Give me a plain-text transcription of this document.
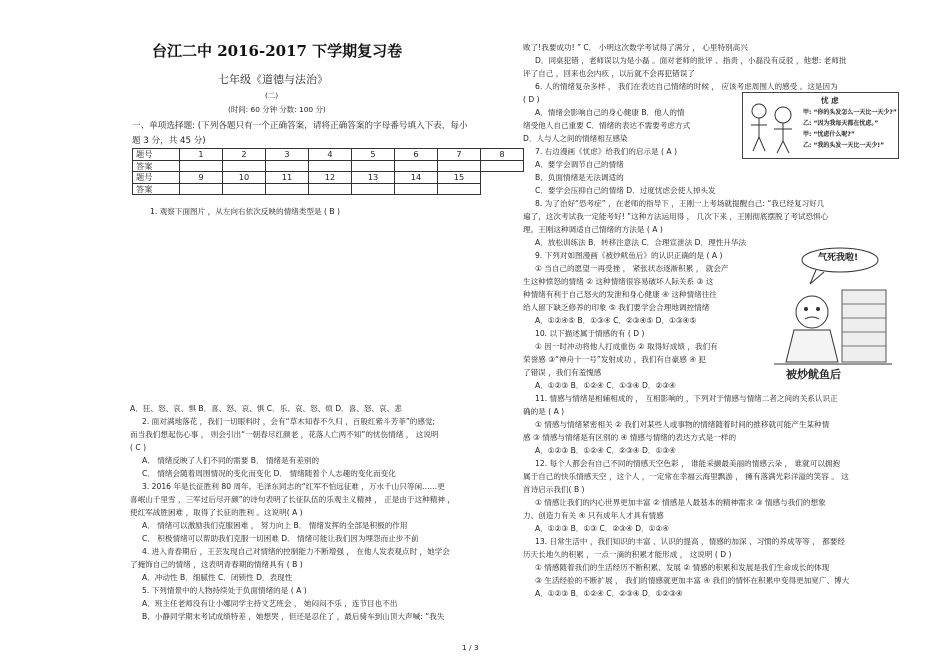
台江二中 2016-2017 下学期复习卷
七年级《道德与法治》
(二)
(时间: 60 分钟 分数: 100 分)
一、单项选择题: (下列各题只有一个正确答案，请将正确答案的字母番号填入下表，每小
题 3 分，共 45 分)
题号	1	2	3	4	5	6	7	8
答案								
题号	9	10	11	12	13	14	15	
答案								
1. 观察下面图片 ，从左向右依次反映的情绪类型是 ( B )
A．狂、怒、哀、惧 B．喜、怒、哀、惧 C．乐、哀、怒、烦 D．喜、怒、哀、悲
2. 面对满地落花 ，我们一切眼料时 ，会有“草木知春不久归 ，百般红紫斗芳菲”的感觉;
而当我们想起伤心事 ， 则会引出“一朝春尽红颜老 ，花落人亡两不知”的忧伤情绪 ， 这说明
( C )
A． 情绪反映了人们不同的需要 B． 情绪是有差别的
C． 情绪会随着周围情况的变化而变化 D． 情绪随着个人志趣的变化而变化
3. 2016 年是长征胜利 80 周年。毛泽东同志的“红军不怕远征难 ，万水千山只等闲……更
喜岷山千里雪 ，三军过后尽开颜”的诗句表明了长征队伍的乐观主义精神 ， 正是由于这种精神 ，
使红军战胜困难 ，取得了长征的胜利 。这说明( A )
A． 情绪可以激励我们克服困难 ， 努力向上 B． 情绪发挥的全部是积极的作用
C． 积极情绪可以帮助我们克服一切困难 D． 情绪可能让我们因为埋怨而止步不前
4. 进入青春期后 ，王芸发现自己对情绪的控制能力不断增强 ， 在他人发表观点时 ，她学会
了掩饰自己的情绪 ，这表明青春期的情绪具有 ( B )
A．冲动性 B．细腻性 C．闭锁性 D．表现性
5. 下列情景中的人物持续处于负面情绪的是 ( A )
A．班主任老师没有让小娜同学主持文艺班会 ， 她闷闷不乐 ，连节目也不出
B．小静同学期末考试成绩特差 ，她想哭 ，但还是忍住了 ，最后骑车到山顶大声喊: “我失
败了!我要成功! ” C． 小明这次数学考试得了满分 ， 心里特别高兴
D．同桌犯错 ，老师误以为是小磊 。面对老师的批评 、指责 ，小磊没有反驳 ，他想: 老师批
评了自己 ，回来也会内疚 ，以后就不会再犯错误了
6. 人的情绪复杂多样 ， 我们在表达自己情绪的时候 ， 应该考虑周围人的感受 。这是因为
( D )
A．情绪会影响自己的身心健康 B．他人的情
绪受他人自己重要 C．情绪的表达不需要考虑方式
D．人与人之间的情绪相互感染
7. 右边漫画《忧虑》给我们的启示是 ( A )
A．要学会调节自己的情绪
B．负面情绪是无法调适的
C．要学会压抑自己的情绪 D．过度忧虑会使人掉头发
8. 为了治好“恐考症” ，在老师的指导下 ，王刚一上考场就提醒自己: “我已经复习好几
遍了，这次考试我一定能考好! ”这种方法运用得 ， 几次下来 ，王刚彻底摆脱了考试恐惧心
理。王刚这种调适自己情绪的方法是 ( A )
A．放松训练法 B．转移注意法 C．合理宣泄法 D．理性升华法
9. 下列对如图漫画《被炒鱿鱼后》的认识正确的是 ( A )
① 当自己的愿望一再受挫 ， 紧张状态逐渐积累 ， 就会产
生这种愤怒的情绪 ② 这种情绪很容易破坏人际关系 ③ 这
种情绪有利于自己怒火的发泄和身心健康 ④ 这种情绪往往
给人留下缺乏修养的印象 ⑤ 我们要学会合理地调控情绪
A．①②④⑤ B．①③④ C．②③④⑤ D．①③④⑤
10. 以下描述属于情感的有 ( D )
① 因一时冲动将他人打成重伤 ② 取得好成绩 ，我们有
荣誉感 ③“神舟十一号”发射成功 ，我们有自豪感 ④ 犯
了错误 ，我们有羞愧感
A．①②③ B．①②④ C．①③④ D．②③④
11. 情感与情绪是相辅相成的 ， 互相影响的 ，下列对于情感与情绪二者之间的关系认识正
确的是 ( A )
① 情感与情绪紧密相关 ② 我们对某些人或事物的情绪随着时间的推移就可能产生某种情
感 ③ 情感与情绪是有区别的 ④ 情感与情绪的表达方式是一样的
A．①②③ B．①②④ C．②③④ D．①③④
12. 每个人都会有自己不同的情感天空色彩 ， 谁能采撷最美丽的情感云朵 ， 谁就可以拥抱
属于自己的快乐情感天空 ，这个人 ，一定常在幸福云海里飘游 ， 擁有落满光彩洋溢的笑容 。 这
首诗启示我们( B )
① 情感让我们的内心世界更加丰富 ② 情感是人最基本的精神需求 ③ 情感与我们的想象
力、创造力有关 ④ 只有成年人才具有情感
A．①②③ B．①③ C．②③④ D．①②④
13. 日常生活中 ，我们知识的丰富 、认识的提高 ，情感的加深 、习惯的养成等等 ， 都要经
历天长地久的积累 ，一点一滴的积累才能形成 ， 这说明 ( D )
① 情感随着我们的生活经历不断积累、发展 ② 情感的积累和发展是我们生命成长的体现
③ 生活经验的不断扩展 ， 我们的情感就更加丰富 ④ 我们的情怀在积累中变得更加宽广、博大
A．①②③ B．①②④ C．②③④ D．①②③④
忧 虑
甲: “你的头发怎么一天比一天少?”
乙: “因为我每天都在忧虑。”
甲: “忧虑什么呢?”
乙: “我的头发一天比一天少!”
气死我啦!
被炒鱿鱼后
1 / 3
